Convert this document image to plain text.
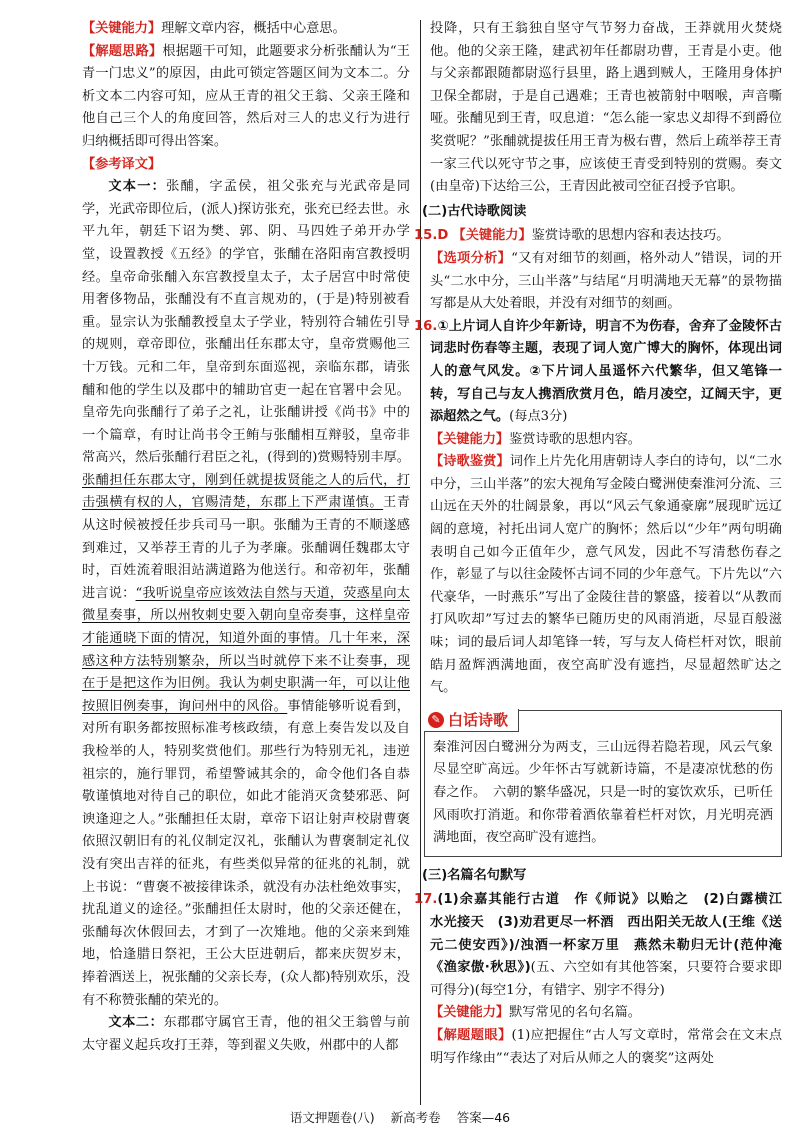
【关键能力】理解文章内容，概括中心意思。

【解题思路】根据题干可知，此题要求分析张酺认为“王青一门忠义”的原因，由此可锁定答题区间为文本二。分析文本二内容可知，应从王青的祖父王翁、父亲王隆和他自己三个人的角度回答，然后对三人的忠义行为进行归纳概括即可得出答案。

【参考译文】

文本一：张酺，字孟侯，祖父张充与光武帝是同学，光武帝即位后，(派人)探访张充，张充已经去世。永平九年，朝廷下诏为樊、郭、阴、马四姓子弟开办学堂，设置教授《五经》的学官，张酺在洛阳南宫教授明经。皇帝命张酺入东宫教授皇太子，太子居宫中时常使用奢侈物品，张酺没有不直言规劝的，(于是)特别被看重。显宗认为张酺教授皇太子学业，特别符合辅佐引导的规则，章帝即位，张酺出任东郡太守，皇帝赏赐他三十万钱。元和二年，皇帝到东面巡视，亲临东郡，请张酺和他的学生以及郡中的辅助官吏一起在官署中会见。皇帝先向张酺行了弟子之礼，让张酺讲授《尚书》中的一个篇章，有时让尚书令王鲔与张酺相互辩驳，皇帝非常高兴，然后张酺行君臣之礼，(得到的)赏赐特别丰厚。张酺担任东郡太守，刚到任就提拔贤能之人的后代，打击强横有权的人，官赐清楚，东郡上下严肃谨慎。王青从这时候被授任步兵司马一职。张酺为王青的不顺遂感到难过，又举荐王青的儿子为孝廉。张酺调任魏郡太守时，百姓流着眼泪站满道路为他送行。和帝初年，张酺进言说：“我听说皇帝应该效法自然与天道，荧惑星向太微星奏事，所以州牧刺史要入朝向皇帝奏事，这样皇帝才能通晓下面的情况，知道外面的事情。几十年来，深感这种方法特别繁杂，所以当时就停下来不让奏事，现在于是把这作为旧例。我认为刺史职满一年，可以让他按照旧例奏事，询问州中的风俗。事情能够听说看到，对所有职务都按照标准考核政绩，有意上奏告发以及自我检举的人，特别奖赏他们。那些行为特别无礼，违逆祖宗的，施行罪罚，希望警诫其余的，命令他们各自恭敬谨慎地对待自己的职位，如此才能消灭贪婪邪恶、阿谀逢迎之人。”张酺担任太尉，章帝下诏让射声校尉曹褒依照汉朝旧有的礼仪制定汉礼，张酺认为曹褒制定礼仪没有突出吉祥的征兆，有些类似异常的征兆的礼制，就上书说：“曹褒不被接律诛杀，就没有办法杜绝效事实，扰乱道义的途径。”张酺担任太尉时，他的父亲还健在，张酺每次休假回去，才到了一次雉地。他的父亲来到雉地，恰逢腊日祭祀，王公大臣进朝后，都来庆贺岁末，捧着酒送上，祝张酺的父亲长寿，(众人都)特别欢乐，没有不称赞张酺的荣光的。

文本二：东郡郡守属官王青，他的祖父王翁曾与前太守翟义起兵攻打王莽，等到翟义失败，州郡中的人都

投降，只有王翁独自坚守气节努力奋战，王莽就用火焚烧他。他的父亲王隆，建武初年任都尉功曹，王青是小吏。他与父亲都跟随都尉巡行县里，路上遇到贼人，王隆用身体护卫保全都尉，于是自己遇难；王青也被箭射中咽喉，声音嘶哑。张酺见到王青，叹息道：“怎么能一家忠义却得不到爵位奖赏呢？”张酺就提拔任用王青为极右曹，然后上疏举荐王青一家三代以死守节之事，应该使王青受到特别的赏赐。奏文(由皇帝)下达给三公，王青因此被司空征召授予官职。

(二)古代诗歌阅读

15.D 【关键能力】鉴赏诗歌的思想内容和表达技巧。

【选项分析】“又有对细节的刻画，格外动人”错误，词的开头“二水中分，三山半落”与结尾“月明满地天无幕”的景物描写都是从大处着眼，并没有对细节的刻画。

16.①上片词人自许少年新诗，明言不为伤春，舍弃了金陵怀古词悲时伤春等主题，表现了词人宽广博大的胸怀，体现出词人的意气风发。②下片词人虽遥怀六代繁华，但又笔锋一转，写自己与友人携酒欣赏月色，皓月凌空，辽阔天宇，更添超然之气。(每点3分)

【关键能力】鉴赏诗歌的思想内容。

【诗歌鉴赏】词作上片先化用唐朝诗人李白的诗句，以“二水中分，三山半落”的宏大视角写金陵白鹭洲使秦淮河分流、三山远在天外的壮阔景象，再以“风云气象通豪廓”展现旷远辽阔的意境，衬托出词人宽广的胸怀；然后以“少年”两句明确表明自己如今正值年少，意气风发，因此不写清愁伤春之作，彰显了与以往金陵怀古词不同的少年意气。下片先以“六代豪华，一时燕乐”写出了金陵往昔的繁盛，接着以“从教而打风吹却”写过去的繁华已随历史的风雨消逝，尽显百般滋味；词的最后词人却笔锋一转，写与友人倚栏杆对饮，眼前皓月盈辉洒满地面，夜空高旷没有遮挡，尽显超然旷达之气。

✎ 白话诗歌

秦淮河因白鹭洲分为两支，三山远得若隐若现，风云气象尽显空旷高远。少年怀古写就新诗篇，不是凄凉忧愁的伤春之作。　六朝的繁华盛况，只是一时的宴饮欢乐，已听任风雨吹打消逝。和你带着酒依靠着栏杆对饮，月光明亮洒满地面，夜空高旷没有遮挡。

(三)名篇名句默写

17.(1)余嘉其能行古道　作《师说》以贻之　(2)白露横江　水光接天　(3)劝君更尽一杯酒　西出阳关无故人(王维《送元二使安西》)/浊酒一杯家万里　燕然未勒归无计(范仲淹《渔家傲·秋思》)(五、六空如有其他答案，只要符合要求即可得分)(每空1分，有错字、别字不得分)

【关键能力】默写常见的名句名篇。

【解题题眼】(1)应把握住“古人写文章时，常常会在文末点明写作缘由”“表达了对后从师之人的褒奖”这两处

语文押题卷(八) 新高考卷 答案—46
